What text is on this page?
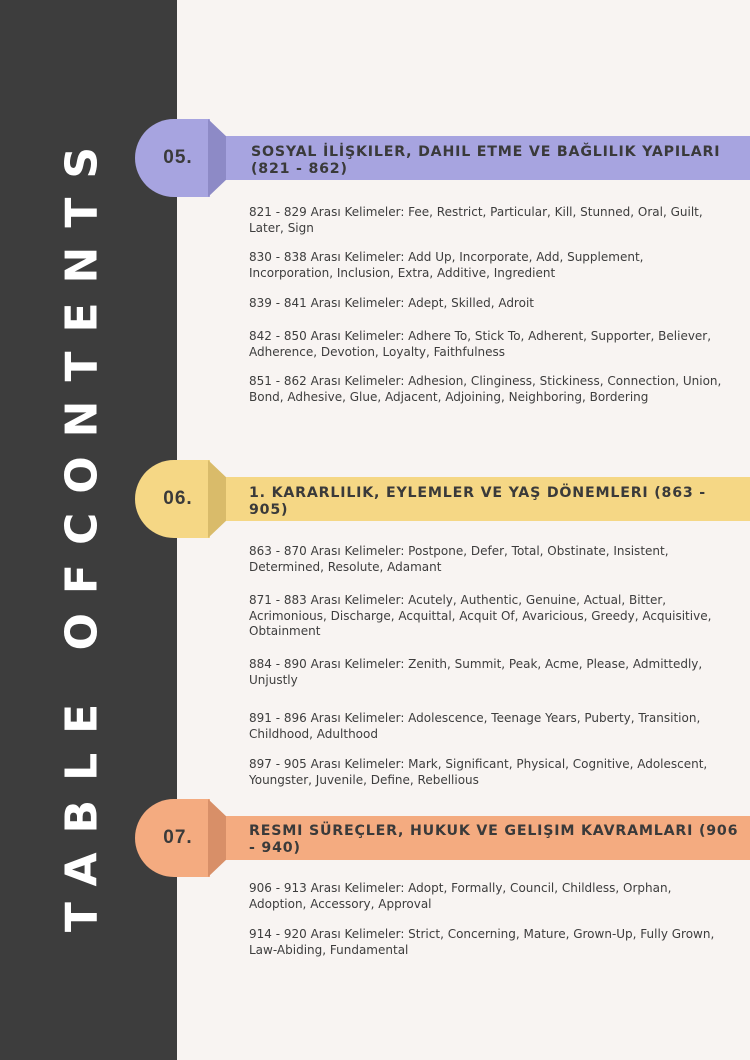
TABLE OFCONTENTS	05.	SOSYAL İLİŞKILER, DAHIL ETME VE BAĞLILIK YAPILARI (821 - 862)
821 - 829 Arası Kelimeler: Fee, Restrict, Particular, Kill, Stunned, Oral, Guilt, Later, Sign
830 - 838 Arası Kelimeler: Add Up, Incorporate, Add, Supplement, Incorporation, Inclusion, Extra, Additive, Ingredient
839 - 841 Arası Kelimeler: Adept, Skilled, Adroit
842 - 850 Arası Kelimeler: Adhere To, Stick To, Adherent, Supporter, Believer, Adherence, Devotion, Loyalty, Faithfulness
851 - 862 Arası Kelimeler: Adhesion, Clinginess, Stickiness, Connection, Union, Bond, Adhesive, Glue, Adjacent, Adjoining, Neighboring, Bordering
06.	1. KARARLILIK, EYLEMLER VE YAŞ DÖNEMLERI (863 - 905)
863 - 870 Arası Kelimeler: Postpone, Defer, Total, Obstinate, Insistent, Determined, Resolute, Adamant
871 - 883 Arası Kelimeler: Acutely, Authentic, Genuine, Actual, Bitter, Acrimonious, Discharge, Acquittal, Acquit Of, Avaricious, Greedy, Acquisitive, Obtainment
884 - 890 Arası Kelimeler: Zenith, Summit, Peak, Acme, Please, Admittedly, Unjustly
891 - 896 Arası Kelimeler: Adolescence, Teenage Years, Puberty, Transition, Childhood, Adulthood
897 - 905 Arası Kelimeler: Mark, Significant, Physical, Cognitive, Adolescent, Youngster, Juvenile, Define, Rebellious
07.	RESMI SÜREÇLER, HUKUK VE GELIŞIM KAVRAMLARI (906 - 940)
906 - 913 Arası Kelimeler: Adopt, Formally, Council, Childless, Orphan, Adoption, Accessory, Approval
914 - 920 Arası Kelimeler: Strict, Concerning, Mature, Grown-Up, Fully Grown, Law-Abiding, Fundamental
